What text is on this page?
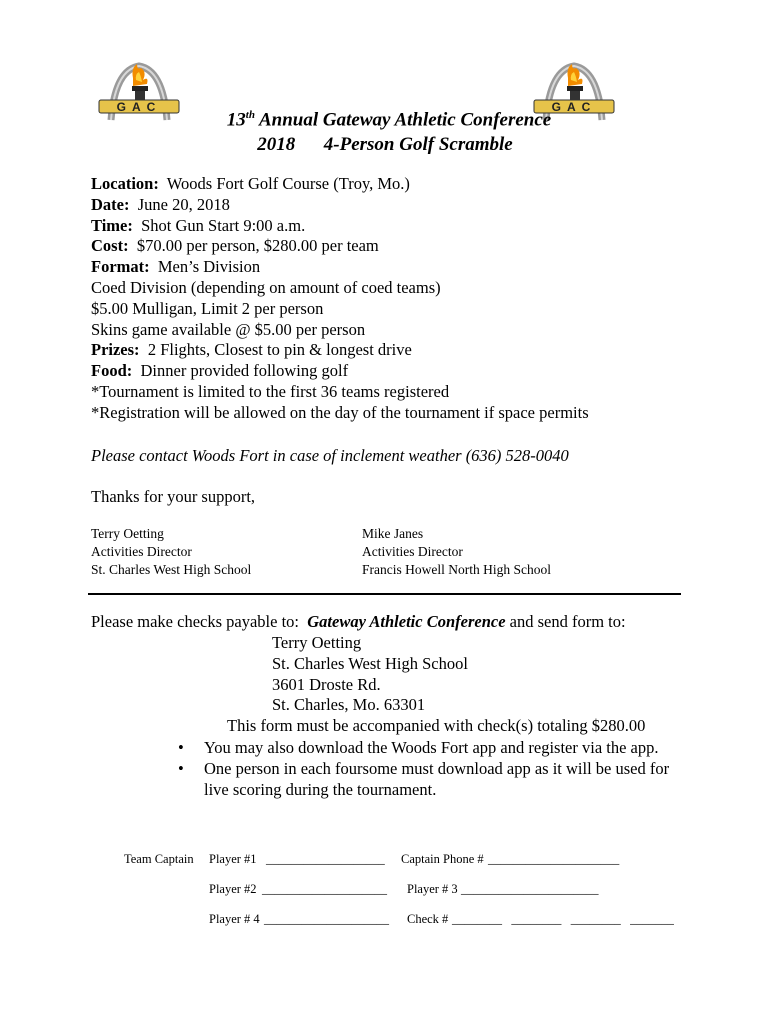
GAC	GAC
13th Annual Gateway Athletic Conference
2018      4-Person Golf Scramble
Location:  Woods Fort Golf Course (Troy, Mo.)
Date:  June 20, 2018
Time:  Shot Gun Start 9:00 a.m.
Cost:  $70.00 per person, $280.00 per team
Format:  Men’s Division
Coed Division (depending on amount of coed teams)
$5.00 Mulligan, Limit 2 per person
Skins game available @ $5.00 per person
Prizes:  2 Flights, Closest to pin & longest drive
Food:  Dinner provided following golf
*Tournament is limited to the first 36 teams registered
*Registration will be allowed on the day of the tournament if space permits
Please contact Woods Fort in case of inclement weather (636) 528-0040
Thanks for your support,
Terry Oetting
Activities Director
St. Charles West High School
Mike Janes
Activities Director
Francis Howell North High School
Please make checks payable to:  Gateway Athletic Conference and send form to:
Terry Oetting
St. Charles West High School
3601 Droste Rd.
St. Charles, Mo. 63301
This form must be accompanied with check(s) totaling $280.00
• You may also download the Woods Fort app and register via the app.
• One person in each foursome must download app as it will be used for live scoring during the tournament.
Team Captain Player #1 ___________________ Captain Phone # _____________________
Player #2 ____________________ Player # 3 ______________________
Player # 4 ____________________ Check # ________   ________   ________   _______
